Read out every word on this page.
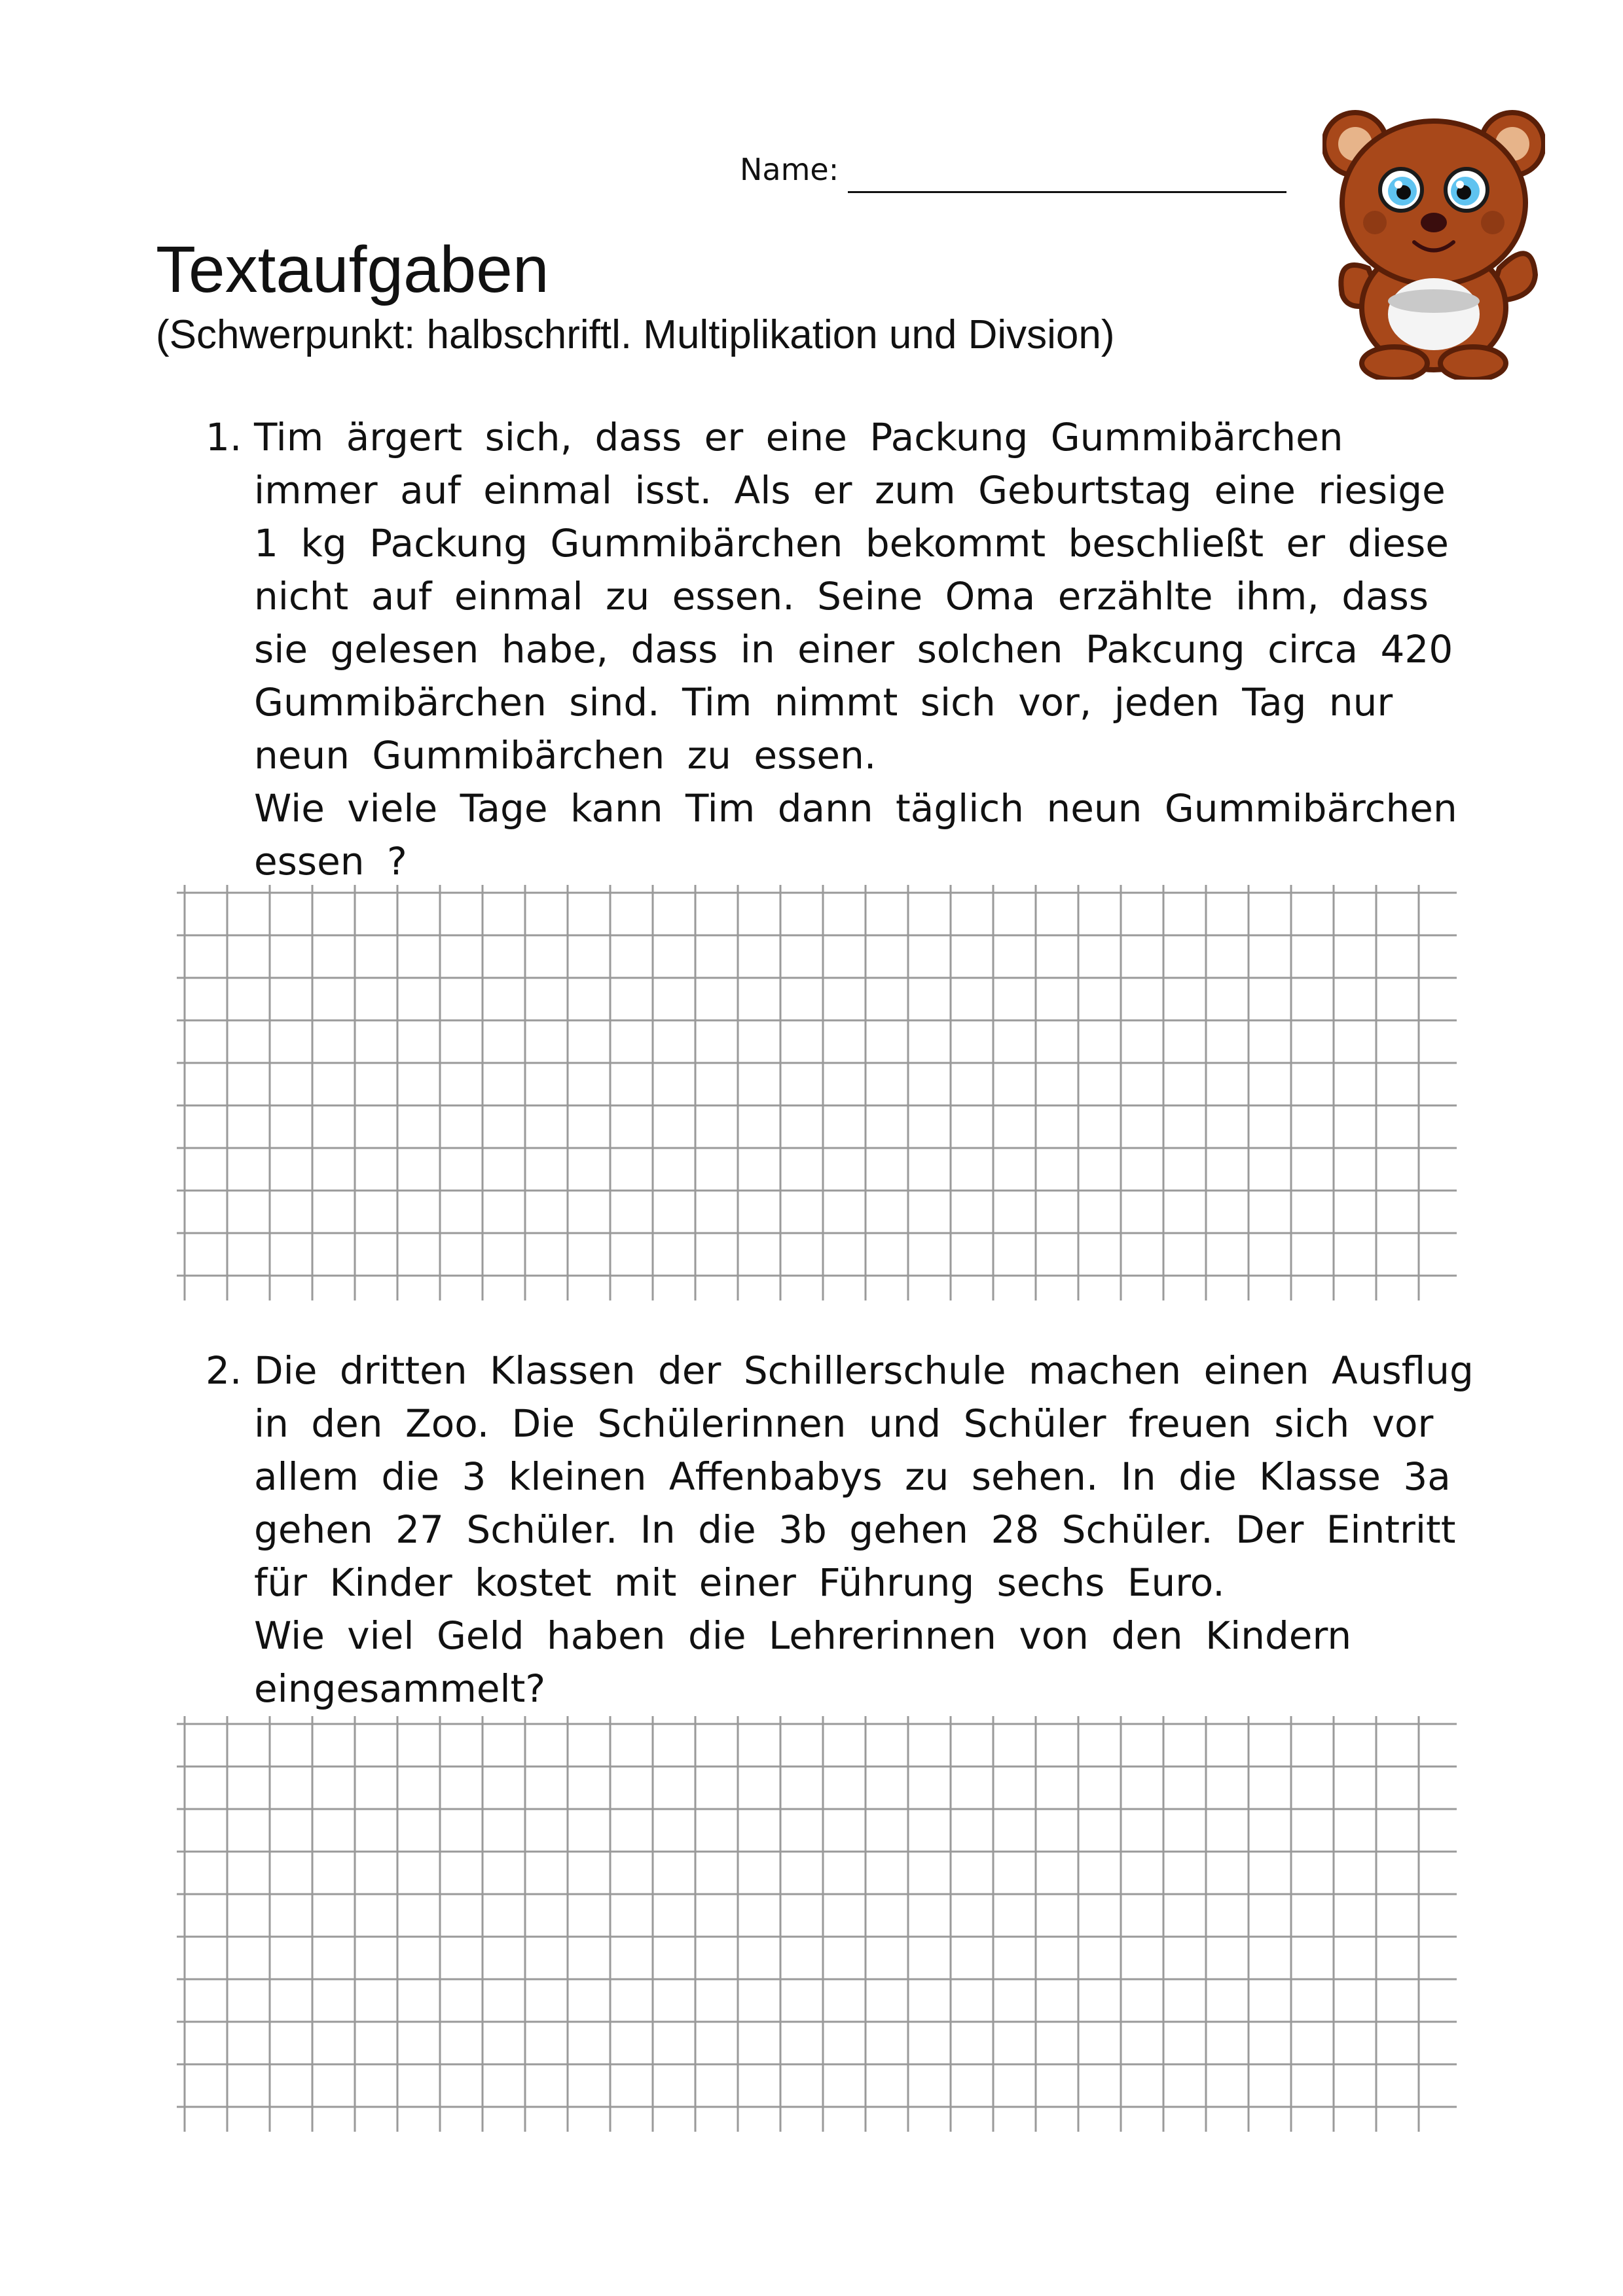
Name:
Textaufgaben
(Schwerpunkt: halbschriftl. Multiplikation und Divsion)
1. Tim ärgert sich, dass er eine Packung Gummibärchen immer auf einmal isst. Als er zum Geburtstag eine riesige 1 kg Packung Gummibärchen bekommt beschließt er diese nicht auf einmal zu essen. Seine Oma erzählte ihm, dass sie gelesen habe, dass in einer solchen Pakcung circa 420 Gummibärchen sind. Tim nimmt sich vor, jeden Tag nur neun Gummibärchen zu essen.

Wie viele Tage kann Tim dann täglich neun Gummibärchen essen ?

2. Die dritten Klassen der Schillerschule machen einen Ausflug in den Zoo. Die Schülerinnen und Schüler freuen sich vor allem die 3 kleinen Affenbabys zu sehen. In die Klasse 3a gehen 27 Schüler. In die 3b gehen 28 Schüler. Der Eintritt für Kinder kostet mit einer Führung sechs Euro.

Wie viel Geld haben die Lehrerinnen von den Kindern eingesammelt?
